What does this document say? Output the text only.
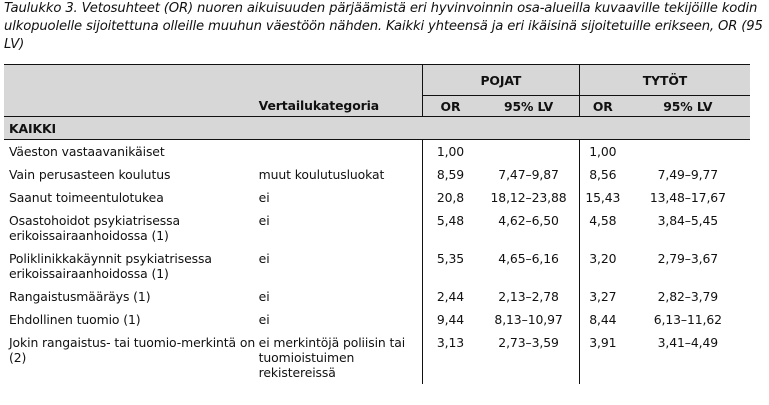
Taulukko 3. Vetosuhteet (OR) nuoren aikuisuuden pärjäämistä eri hyvinvoinnin osa-alueilla kuvaaville tekijöille kodin ulkopuolelle sijoitettuna olleille muuhun väestöön nähden. Kaikki yhteensä ja eri ikäisinä sijoitetuille erikseen, OR (95 LV)
		POJAT		TYTÖT	
	Vertailukategoria	OR	95% LV	OR	95% LV
KAIKKI					
Väeston vastaavanikäiset		1,00		1,00	
Vain perusasteen koulutus	muut koulutusluokat	8,59	7,47–9,87	8,56	7,49–9,77
Saanut toimeentulotukea	ei	20,8	18,12–23,88	15,43	13,48–17,67
Osastohoidot psykiatrisessa erikoissairaanhoidossa (1)	ei	5,48	4,62–6,50	4,58	3,84–5,45
Poliklinikkakäynnit psykiatrisessa erikoissairaanhoidossa (1)	ei	5,35	4,65–6,16	3,20	2,79–3,67
Rangaistusmääräys (1)	ei	2,44	2,13–2,78	3,27	2,82–3,79
Ehdollinen tuomio (1)	ei	9,44	8,13–10,97	8,44	6,13–11,62
Jokin rangaistus- tai tuomio-merkintä on (2)	ei merkintöjä poliisin tai tuomioistuimen rekistereissä	3,13	2,73–3,59	3,91	3,41–4,49
